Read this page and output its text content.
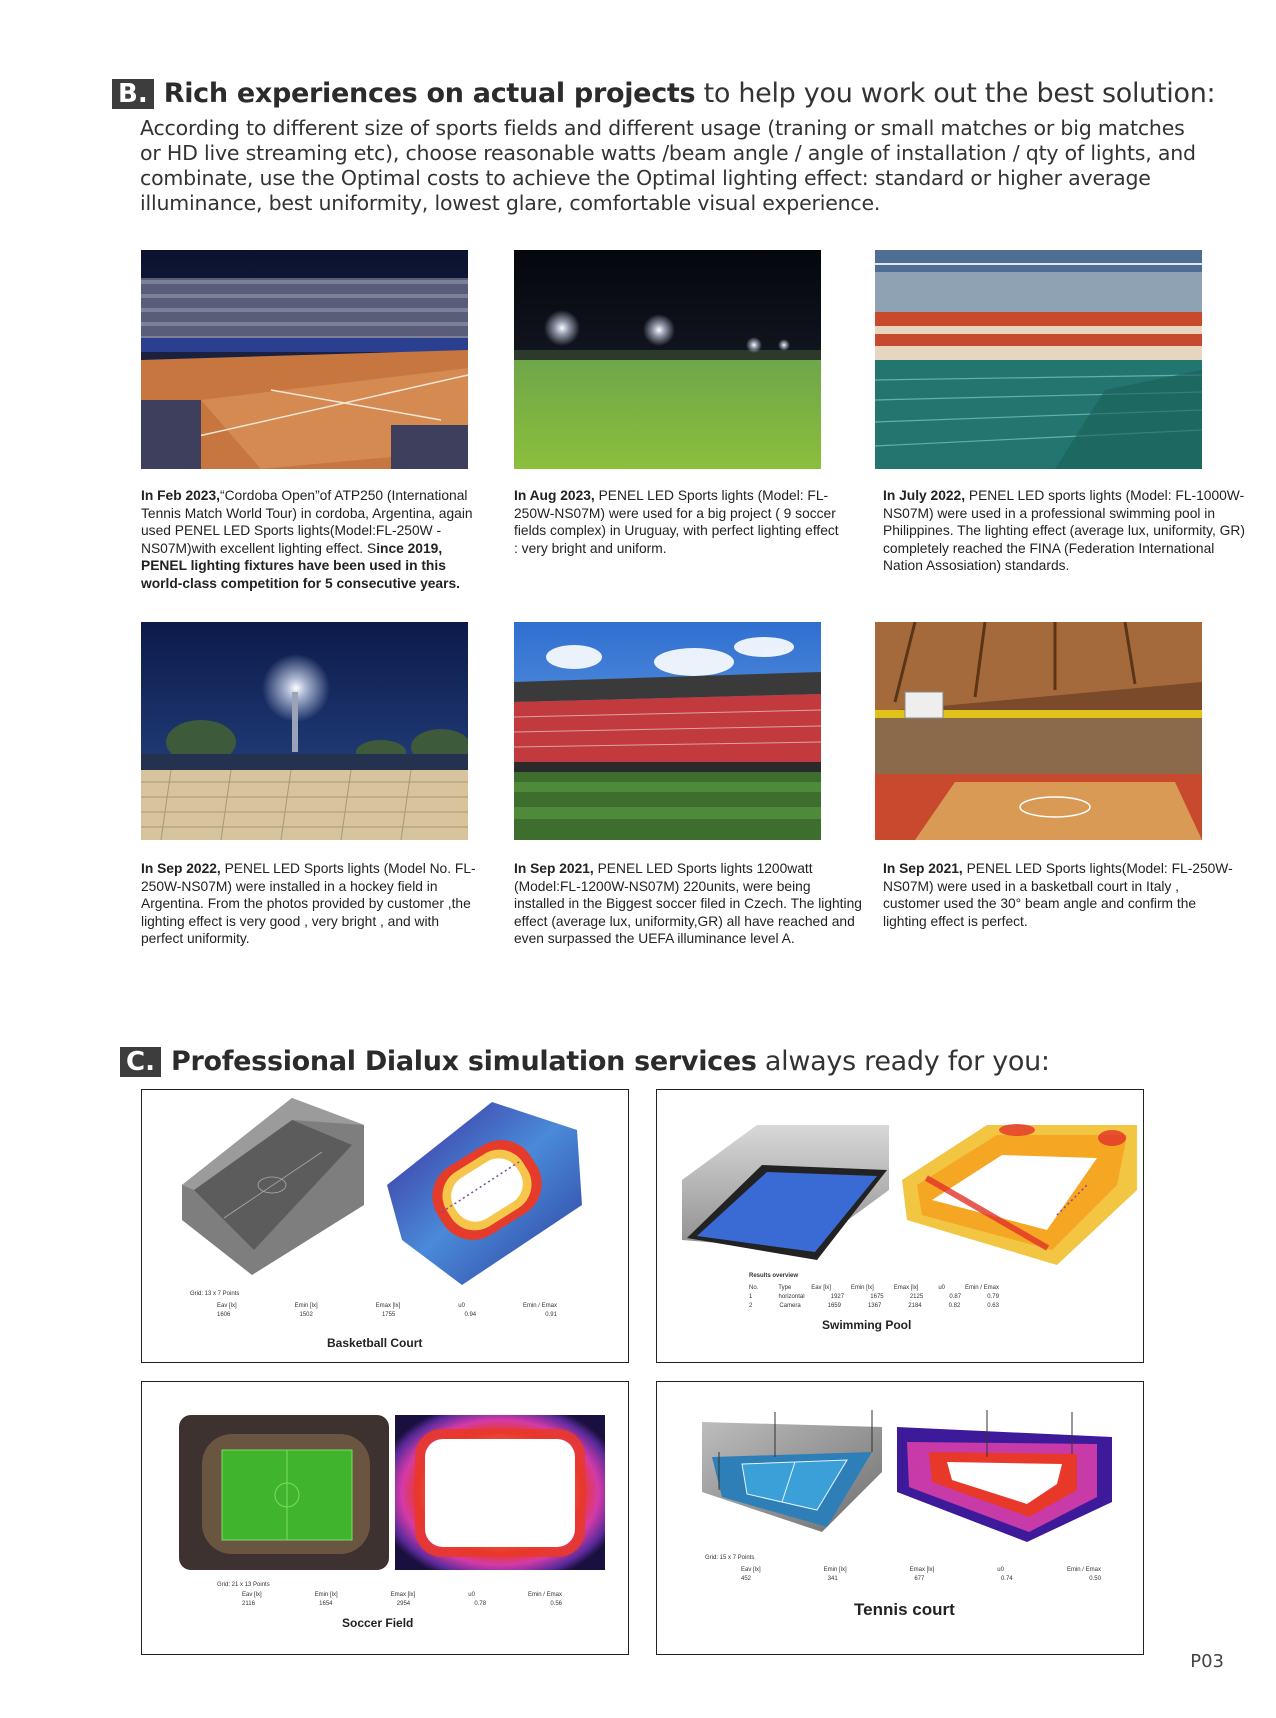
B. Rich experiences on actual projects to help you work out the best solution:
According to different size of sports fields and different usage (traning or small matches or big matches or HD live streaming etc), choose reasonable watts /beam angle / angle of installation / qty of lights, and combinate, use the Optimal costs to achieve the Optimal lighting effect: standard or higher average illuminance, best uniformity, lowest glare, comfortable visual experience.
In Feb 2023,“Cordoba Open”of ATP250 (International Tennis Match World Tour) in cordoba, Argentina, again used PENEL LED Sports lights(Model:FL-250W - NS07M)with excellent lighting effect. Since 2019, PENEL lighting fixtures have been used in this world-class competition for 5 consecutive years.
In Aug 2023, PENEL LED Sports lights (Model: FL-250W-NS07M) were used for a big project ( 9 soccer fields complex) in Uruguay, with perfect lighting effect : very bright and uniform.
In July 2022, PENEL LED sports lights (Model: FL-1000W-NS07M) were used in a professional swimming pool in Philippines. The lighting effect (average lux, uniformity, GR) completely reached the FINA (Federation International Nation Assosiation) standards.
In Sep 2022, PENEL LED Sports lights (Model No. FL-250W-NS07M) were installed in a hockey field in Argentina. From the photos provided by customer ,the lighting effect is very good , very bright , and with perfect uniformity.
In Sep 2021, PENEL LED Sports lights 1200watt (Model:FL-1200W-NS07M) 220units, were being installed in the Biggest soccer filed in Czech. The lighting effect (average lux, uniformity,GR) all have reached and even surpassed the UEFA illuminance level A.
In Sep 2021, PENEL LED Sports lights(Model: FL-250W-NS07M) were used in a basketball court in Italy , customer used the 30° beam angle and confirm the lighting effect is perfect.
C. Professional Dialux simulation services always ready for you:
Grid: 13 x 7 Points
Eav [lx]	Emin [lx]	Emax [lx]	u0	Emin / Emax
1606	1502	1755	0.94	0.91
Basketball Court
Results overview
No.	Type	Eav [lx]	Emin [lx]	Emax [lx]	u0	Emin / Emax
1	horizontal	1927	1675	2125	0.87	0.79
2	Camera	1659	1367	2184	0.82	0.63
Swimming Pool
Grid: 21 x 13 Points
Eav [lx]	Emin [lx]	Emax [lx]	u0	Emin / Emax
2116	1654	2954	0.78	0.56
Soccer Field
Grid: 15 x 7 Points
Eav [lx]	Emin [lx]	Emax [lx]	u0	Emin / Emax
452	341	677	0.74	0.50
Tennis court
P03
